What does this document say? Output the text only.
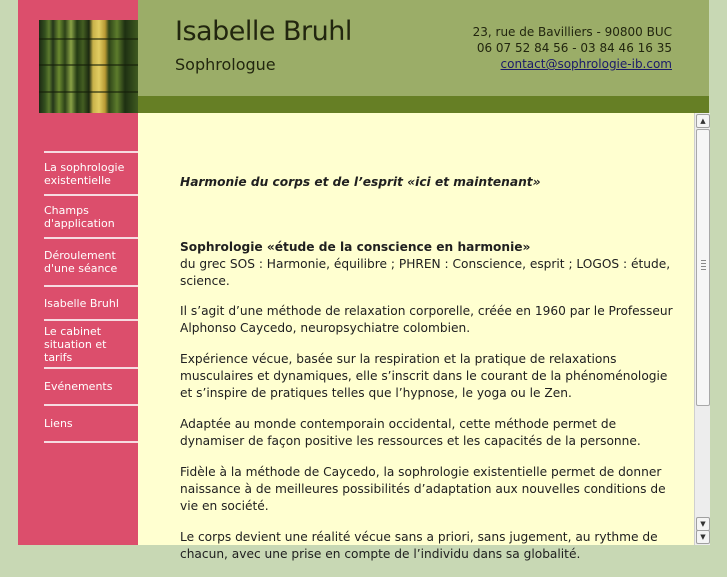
La sophrologie
existentielle
Champs
d'application
Déroulement
d'une séance
Isabelle Bruhl
Le cabinet
situation et tarifs
Evénements
Liens
Isabelle Bruhl
Sophrologue
23, rue de Bavilliers - 90800 BUC
06 07 52 84 56 - 03 84 46 16 35
contact@sophrologie-ib.com

Harmonie du corps et de l’esprit «ici et maintenant»

Sophrologie «étude de la conscience en harmonie»
du grec SOS : Harmonie, équilibre ; PHREN : Conscience, esprit ; LOGOS : étude, science.

Il s’agit d’une méthode de relaxation corporelle, créée en 1960 par le Professeur Alphonso Caycedo, neuropsychiatre colombien.

Expérience vécue, basée sur la respiration et la pratique de relaxations musculaires et dynamiques, elle s’inscrit dans le courant de la phénoménologie et s’inspire de pratiques telles que l’hypnose, le yoga ou le Zen.

Adaptée au monde contemporain occidental, cette méthode permet de dynamiser de façon positive les ressources et les capacités de la personne.

Fidèle à la méthode de Caycedo, la sophrologie existentielle permet de donner naissance à de meilleures possibilités d’adaptation aux nouvelles conditions de vie en société.

Le corps devient une réalité vécue sans a priori, sans jugement, au rythme de chacun, avec une prise en compte de l’individu dans sa globalité.

▲
▼
▼
